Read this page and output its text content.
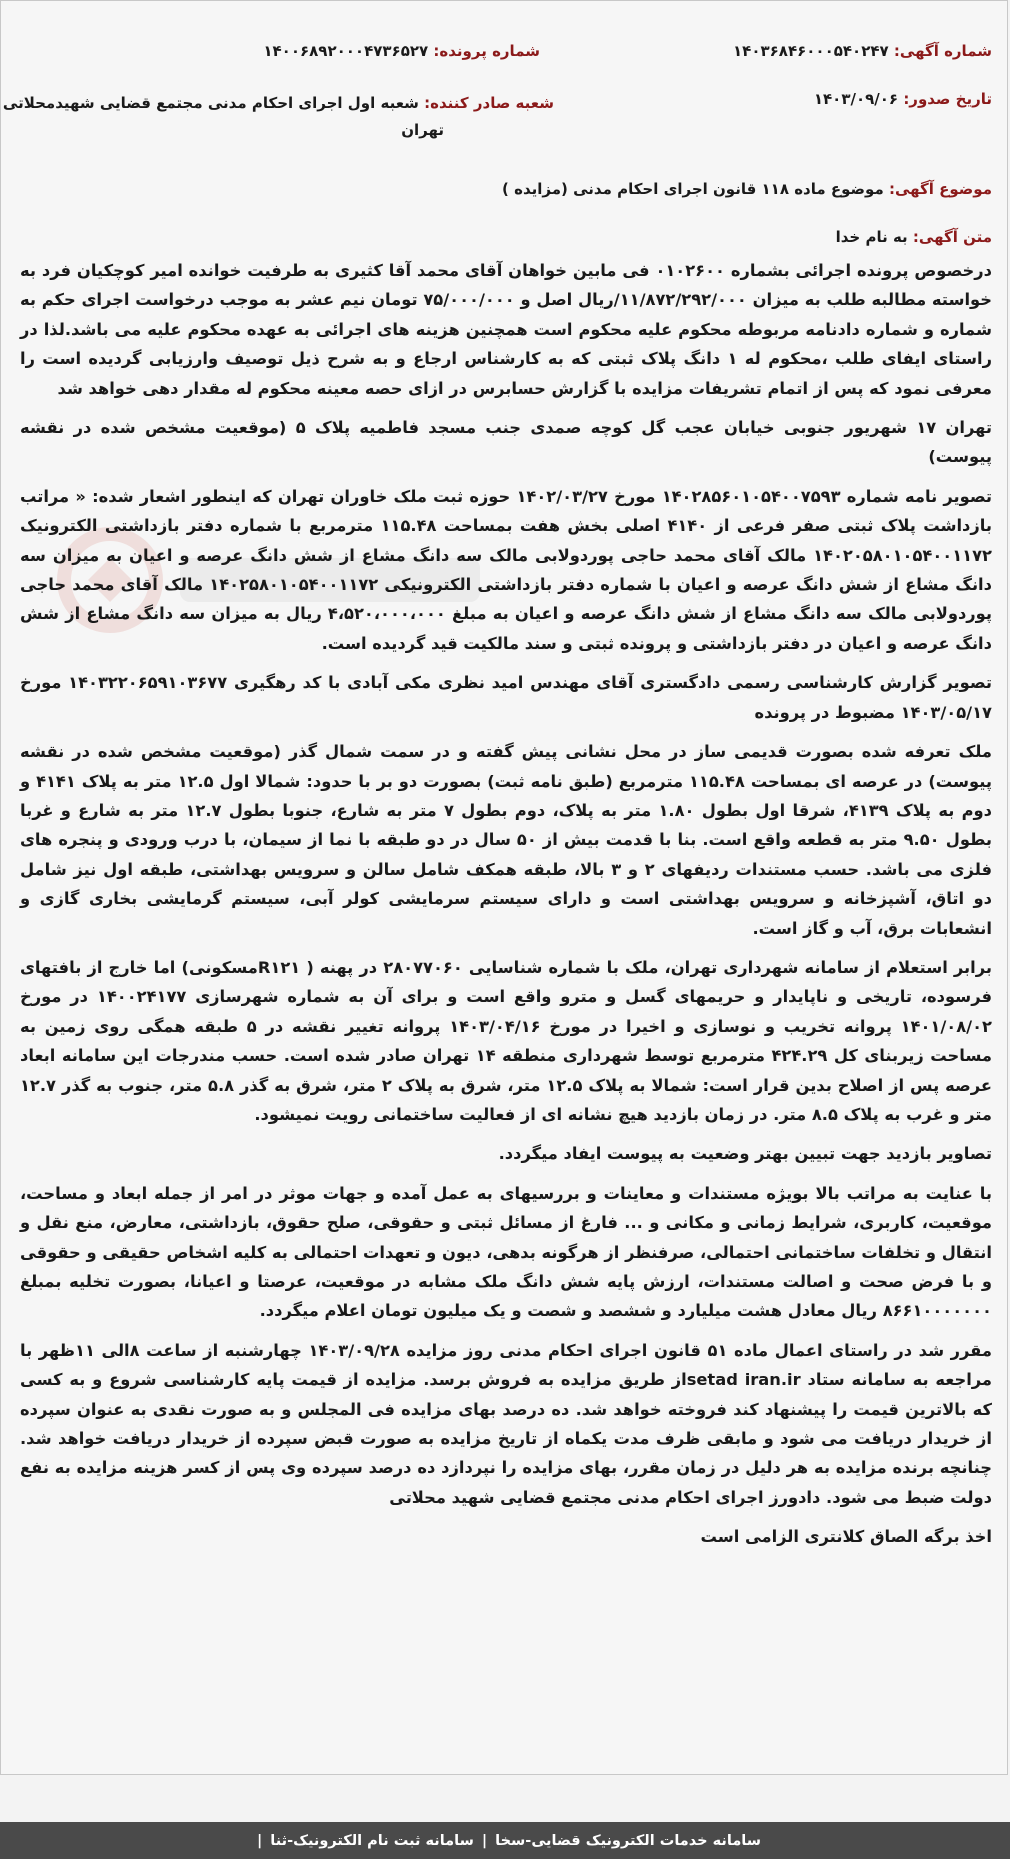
شماره آگهی: ۱۴۰۳۶۸۴۶۰۰۰۵۴۰۲۴۷
شماره پرونده: ۱۴۰۰۶۸۹۲۰۰۰۴۷۳۶۵۲۷
تاریخ صدور: ۱۴۰۳/۰۹/۰۶
شعبه صادر کننده: شعبه اول اجرای احکام مدنی مجتمع قضایی شهیدمحلاتی
تهران
موضوع آگهی: موضوع ماده ۱۱۸ قانون اجرای احکام مدنی (مزایده )
متن آگهی: به نام خدا

درخصوص پرونده اجرائی بشماره ۰۱۰۲۶۰۰ فی مابین خواهان آقای محمد آقا کثیری به طرفیت خوانده امیر کوچکیان فرد به خواسته مطالبه طلب به میزان ۱۱/۸۷۲/۲۹۲/۰۰۰/ریال اصل و ۷۵/۰۰۰/۰۰۰ تومان نیم عشر به موجب درخواست اجرای حکم به شماره و شماره دادنامه مربوطه محکوم علیه محکوم است همچنین هزینه های اجرائی به عهده محکوم علیه می باشد.لذا در راستای ایفای طلب ،محکوم له ۱ دانگ پلاک ثبتی که به کارشناس ارجاع و به شرح ذیل توصیف وارزیابی گردیده است را معرفی نمود که پس از اتمام تشریفات مزایده با گزارش حسابرس در ازای حصه معینه محکوم له مقدار دهی خواهد شد

تهران ۱۷ شهریور جنوبی خیابان عجب گل کوچه صمدی جنب مسجد فاطمیه پلاک ۵ (موقعیت مشخص شده در نقشه پیوست)

تصویر نامه شماره ۱۴۰۲۸۵۶۰۱۰۵۴۰۰۷۵۹۳ مورخ ۱۴۰۲/۰۳/۲۷ حوزه ثبت ملک خاوران تهران که اینطور اشعار شده: « مراتب بازداشت پلاک ثبتی صفر فرعی از ۴۱۴۰ اصلی بخش هفت بمساحت ۱۱۵.۴۸ مترمربع با شماره دفتر بازداشتی الکترونیک ۱۴۰۲۰۵۸۰۱۰۵۴۰۰۱۱۷۲ مالک آقای محمد حاجی پوردولابی مالک سه دانگ مشاع از شش دانگ عرصه و اعیان به میزان سه دانگ مشاع از شش دانگ عرصه و اعیان با شماره دفتر بازداشتی الکترونیکی ۱۴۰۲۵۸۰۱۰۵۴۰۰۱۱۷۲ مالک آقای محمد حاجی پوردولابی مالک سه دانگ مشاع از شش دانگ عرصه و اعیان به مبلغ ۴،۵۲۰،۰۰۰،۰۰۰ ریال به میزان سه دانگ مشاع از شش دانگ عرصه و اعیان در دفتر بازداشتی و پرونده ثبتی و سند مالکیت قید گردیده است.

تصویر گزارش کارشناسی رسمی دادگستری آقای مهندس امید نظری مکی آبادی با کد رهگیری ۱۴۰۳۲۲۰۶۵۹۱۰۳۶۷۷ مورخ ۱۴۰۳/۰۵/۱۷ مضبوط در پرونده

ملک تعرفه شده بصورت قدیمی ساز در محل نشانی پیش گفته و در سمت شمال گذر (موقعیت مشخص شده در نقشه پیوست) در عرصه ای بمساحت ۱۱۵.۴۸ مترمربع (طبق نامه ثبت) بصورت دو بر با حدود: شمالا اول ۱۲.۵ متر به پلاک ۴۱۴۱ و دوم به پلاک ۴۱۳۹، شرقا اول بطول ۱.۸۰ متر به پلاک، دوم بطول ۷ متر به شارع، جنوبا بطول ۱۲.۷ متر به شارع و غربا بطول ۹.۵۰ متر به قطعه واقع است. بنا با قدمت بیش از ۵۰ سال در دو طبقه با نما از سیمان، با درب ورودی و پنجره های فلزی می باشد. حسب مستندات ردیفهای ۲ و ۳ بالا، طبقه همکف شامل سالن و سرویس بهداشتی، طبقه اول نیز شامل دو اتاق، آشپزخانه و سرویس بهداشتی است و دارای سیستم سرمایشی کولر آبی، سیستم گرمایشی بخاری گازی و انشعابات برق، آب و گاز است.

برابر استعلام از سامانه شهرداری تهران، ملک با شماره شناسایی ۲۸۰۷۷۰۶۰ در پهنه ( R۱۲۱مسکونی) اما خارج از بافتهای فرسوده، تاریخی و ناپایدار و حریمهای گسل و مترو واقع است و برای آن به شماره شهرسازی ۱۴۰۰۲۴۱۷۷ در مورخ ۱۴۰۱/۰۸/۰۲ پروانه تخریب و نوسازی و اخیرا در مورخ ۱۴۰۳/۰۴/۱۶ پروانه تغییر نقشه در ۵ طبقه همگی روی زمین به مساحت زیربنای کل ۴۲۴.۲۹ مترمربع توسط شهرداری منطقه ۱۴ تهران صادر شده است. حسب مندرجات این سامانه ابعاد عرصه پس از اصلاح بدین قرار است: شمالا به پلاک ۱۲.۵ متر، شرق به پلاک ۲ متر، شرق به گذر ۵.۸ متر، جنوب به گذر ۱۲.۷ متر و غرب به پلاک ۸.۵ متر. در زمان بازدید هیچ نشانه ای از فعالیت ساختمانی رویت نمیشود.

تصاویر بازدید جهت تبیین بهتر وضعیت به پیوست ایفاد میگردد.

با عنایت به مراتب بالا بویژه مستندات و معاینات و بررسیهای به عمل آمده و جهات موثر در امر از جمله ابعاد و مساحت، موقعیت، کاربری، شرایط زمانی و مکانی و ... فارغ از مسائل ثبتی و حقوقی، صلح حقوق، بازداشتی، معارض، منع نقل و انتقال و تخلفات ساختمانی احتمالی، صرفنظر از هرگونه بدهی، دیون و تعهدات احتمالی به کلیه اشخاص حقیقی و حقوقی و با فرض صحت و اصالت مستندات، ارزش پایه شش دانگ ملک مشابه در موقعیت، عرصتا و اعیانا، بصورت تخلیه بمبلغ ۸۶۶۱۰۰۰۰۰۰۰ ریال معادل هشت میلیارد و ششصد و شصت و یک میلیون تومان اعلام میگردد.

مقرر شد در راستای اعمال ماده ۵۱ قانون اجرای احکام مدنی روز مزایده ۱۴۰۳/۰۹/۲۸ چهارشنبه از ساعت ۸الی ۱۱ظهر با مراجعه به سامانه ستاد setad iran.irاز طریق مزایده به فروش برسد. مزایده از قیمت پایه کارشناسی شروع و به کسی که بالاترین قیمت را پیشنهاد کند فروخته خواهد شد. ده درصد بهای مزایده فی المجلس و به صورت نقدی به عنوان سپرده از خریدار دریافت می شود و مابقی ظرف مدت یکماه از تاریخ مزایده به صورت قبض سپرده از خریدار دریافت خواهد شد. چنانچه برنده مزایده به هر دلیل در زمان مقرر، بهای مزایده را نپردازد ده درصد سپرده وی پس از کسر هزینه مزایده به نفع دولت ضبط می شود. دادورز اجرای احکام مدنی مجتمع قضایی شهید محلاتی

اخذ برگه الصاق کلانتری الزامی است

سامانه خدمات الکترونیک قضایی-سخا
|
سامانه ثبت نام الکترونیک-ثنا
|
